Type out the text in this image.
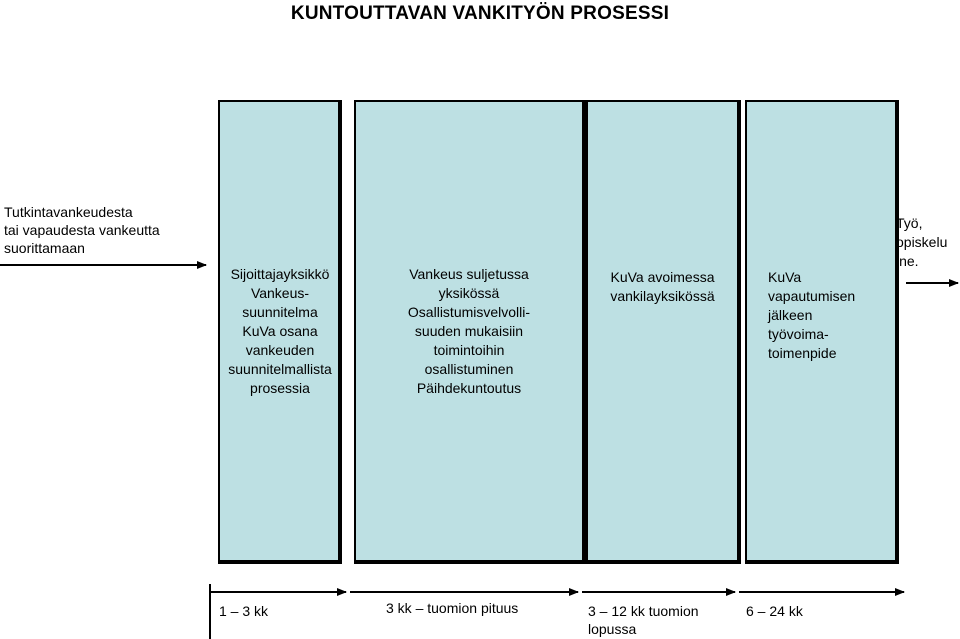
KUNTOUTTAVAN VANKITYÖN PROSESSI
Tutkintavankeudesta
tai vapaudesta vankeutta
suorittamaan
Sijoittajayksikkö
Vankeus-
suunnitelma
KuVa osana
vankeuden
suunnitelmallista
prosessia
Vankeus suljetussa
yksikössä
Osallistumisvelvolli-
suuden mukaisiin
toimintoihin
osallistuminen
Päihdekuntoutus
KuVa avoimessa
vankilayksikössä
KuVa
vapautumisen
jälkeen
työvoima-
toimenpide
Työ,
opiskelu
jne.
1 – 3 kk	3 kk – tuomion pituus	3 – 12 kk tuomion
lopussa
6 – 24 kk
